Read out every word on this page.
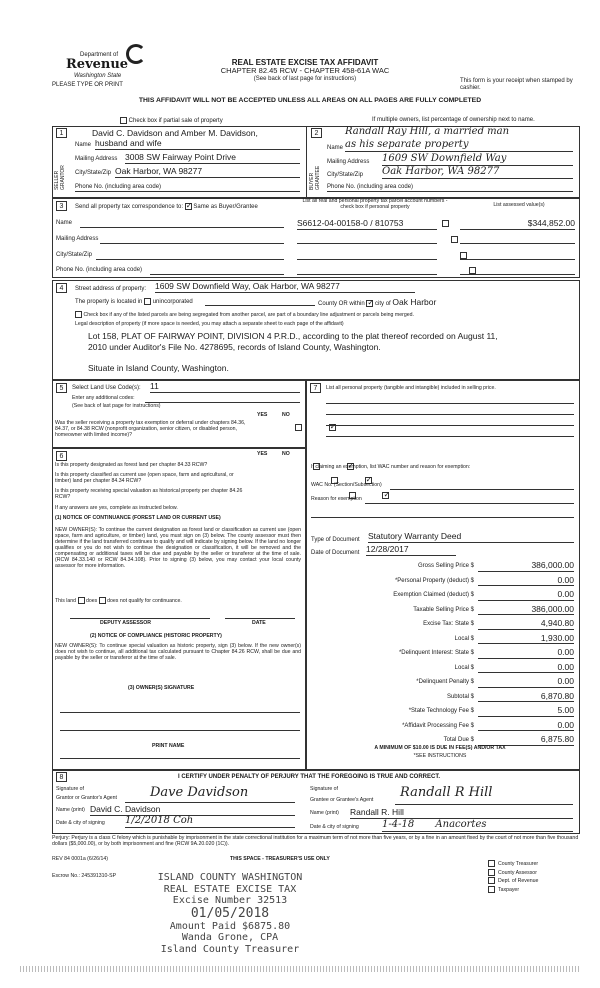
Department of
Revenue
Washington State
PLEASE TYPE OR PRINT
REAL ESTATE EXCISE TAX AFFIDAVIT
CHAPTER 82.45 RCW - CHAPTER 458-61A WAC
(See back of last page for instructions)	This form is your receipt when stamped by cashier.
THIS AFFIDAVIT WILL NOT BE ACCEPTED UNLESS ALL AREAS ON ALL PAGES ARE FULLY COMPLETED
Check box if partial sale of property	If multiple owners, list percentage of ownership next to name.
1
SELLER GRANTOR
David C. Davidson and Amber M. Davidson,
Name husband and wife
Mailing Address 3008 SW Fairway Point Drive
City/State/Zip Oak Harbor, WA 98277
Phone No. (including area code)
2
BUYER GRANTEE
Randall Ray Hill, a married man
Name as his separate property
Mailing Address 1609 SW Downfield Way
City/State/Zip Oak Harbor, WA 98277
Phone No. (including area code)
3	Send all property tax correspondence to: ✓ Same as Buyer/Grantee
List all real and personal property tax parcel account numbers - check box if personal property	List assessed value(s)
Name
Mailing Address
City/State/Zip
Phone No. (including area code)
S6612-04-00158-0 / 810753	$344,852.00

4	Street address of property: 1609 SW Downfield Way, Oak Harbor, WA 98277
The property is located in unincorporated	County OR within ✓ city of Oak Harbor
Check box if any of the listed parcels are being segregated from another parcel, are part of a boundary line adjustment or parcels being merged.
Legal description of property (if more space is needed, you may attach a separate sheet to each page of the affidavit)
Lot 158, PLAT OF FAIRWAY POINT, DIVISION 4 P.R.D., according to the plat thereof recorded on August 11,
2010 under Auditor's File No. 4278695, records of Island County, Washington.
Situate in Island County, Washington.
5	Select Land Use Code(s): 11
Enter any additional codes:
(See back of last page for instructions)
YES	NO
Was the seller receiving a property tax exemption or deferral under chapters 84.36, 84.37, or 84.38 RCW (nonprofit organization, senior citizen, or disabled person, homeowner with limited income)?
✓
6	YES	NO
Is this property designated as forest land per chapter 84.33 RCW?
✓
Is this property classified as current use (open space, farm and agricultural, or timber) land per chapter 84.34 RCW?
✓
Is this property receiving special valuation as historical property per chapter 84.26 RCW?
✓
If any answers are yes, complete as instructed below.
(1) NOTICE OF CONTINUANCE (FOREST LAND OR CURRENT USE)
NEW OWNER(S): To continue the current designation as forest land or classification as current use (open space, farm and agriculture, or timber) land, you must sign on (3) below. The county assessor must then determine if the land transferred continues to qualify and will indicate by signing below. If the land no longer qualifies or you do not wish to continue the designation or classification, it will be removed and the compensating or additional taxes will be due and payable by the seller or transferor at the time of sale. (RCW 84.33.140 or RCW 84.34.108). Prior to signing (3) below, you may contact your local county assessor for more information.
This land does does not qualify for continuance.
DEPUTY ASSESSOR	DATE
(2) NOTICE OF COMPLIANCE (HISTORIC PROPERTY)
NEW OWNER(S): To continue special valuation as historic property, sign (3) below. If the new owner(s) does not wish to continue, all additional tax calculated pursuant to Chapter 84.26 RCW, shall be due and payable by the seller or transferor at the time of sale.
(3) OWNER(S) SIGNATURE
PRINT NAME
7	List all personal property (tangible and intangible) included in selling price.
If claiming an exemption, list WAC number and reason for exemption:
WAC No. (Section/Subsection)
Reason for exemption
Type of Document Statutory Warranty Deed
Date of Document 12/28/2017
Gross Selling Price $	386,000.00
*Personal Property (deduct) $	0.00
Exemption Claimed (deduct) $	0.00
Taxable Selling Price $	386,000.00
Excise Tax: State $	4,940.80
Local $	1,930.00
*Delinquent Interest: State $	0.00
Local $	0.00
*Delinquent Penalty $	0.00
Subtotal $	6,870.80
*State Technology Fee $	5.00
*Affidavit Processing Fee $	0.00
Total Due $	6,875.80
A MINIMUM OF $10.00 IS DUE IN FEE(S) AND/OR TAX
*SEE INSTRUCTIONS
8	I CERTIFY UNDER PENALTY OF PERJURY THAT THE FOREGOING IS TRUE AND CORRECT.
Signature of
Grantor or Grantor's Agent	Dave Davidson
Name (print) David C. Davidson
Date & city of signing 1/2/2018 Coh
Signature of
Grantee or Grantee's Agent Randall R Hill
Name (print) Randall R. Hill
Date & city of signing 1-4-18 Anacortes
Perjury: Perjury is a class C felony which is punishable by imprisonment in the state correctional institution for a maximum term of not more than five years, or by a fine in an amount fixed by the court of not more than five thousand dollars ($5,000.00), or by both imprisonment and fine (RCW 9A.20.020 (1C)).
REV 84 0001a (6/26/14)	THIS SPACE - TREASURER'S USE ONLY
Escrow No.: 245391310-SP
County Treasurer
County Assessor
Dept. of Revenue
Taxpayer
ISLAND COUNTY WASHINGTON
REAL ESTATE EXCISE TAX
Excise Number 32513
01/05/2018
Amount Paid $6875.80
Wanda Grone, CPA
Island County Treasurer
